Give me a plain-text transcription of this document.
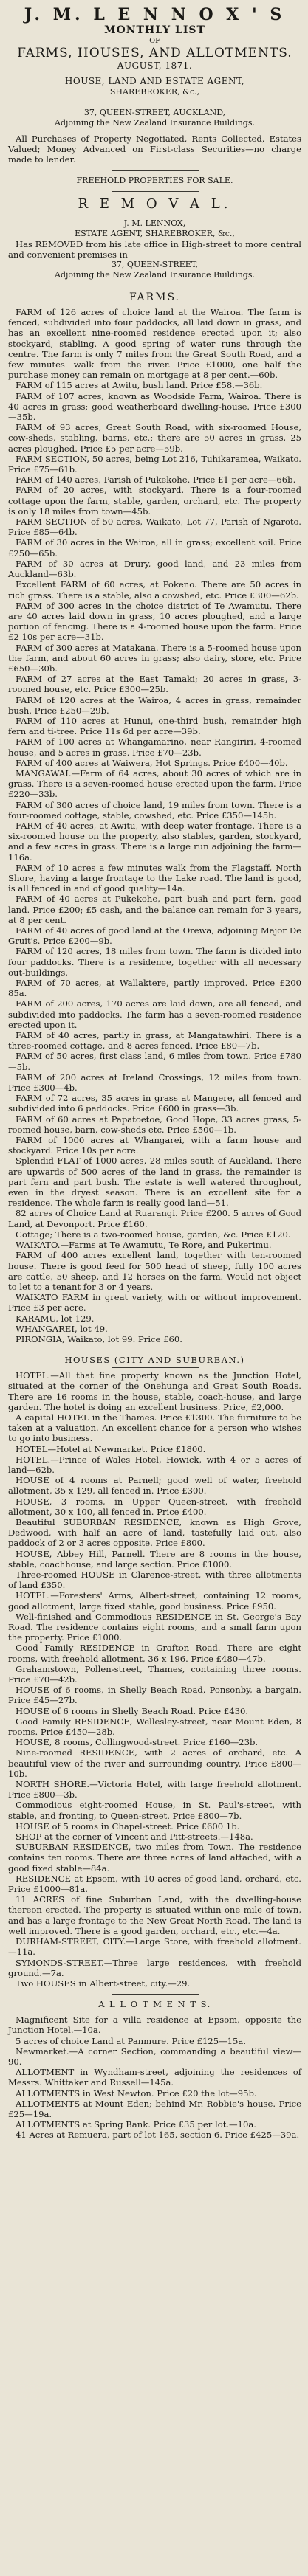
J. M. L E N N O X ' S
MONTHLY LIST
OF
FARMS, HOUSES, AND ALLOTMENTS.
AUGUST, 1871.
HOUSE, LAND AND ESTATE AGENT,
SHAREBROKER, &c.,
37, QUEEN-STREET, AUCKLAND,
Adjoining the New Zealand Insurance Buildings.

All Purchases of Property Negotiated, Rents Collected, Estates Valued; Money Advanced on First-class Securities—no charge made to lender.

FREEHOLD PROPERTIES FOR SALE.
R E M O V A L.
J. M. LENNOX,
ESTATE AGENT, SHAREBROKER, &c.,

Has REMOVED from his late office in High-street to more central and convenient premises in

37, QUEEN-STREET,
Adjoining the New Zealand Insurance Buildings.
FARMS.

FARM of 126 acres of choice land at the Wairoa. The farm is fenced, subdivided into four paddocks, all laid down in grass, and has an excellent nine-roomed residence erected upon it; also stockyard, stabling. A good spring of water runs through the centre. The farm is only 7 miles from the Great South Road, and a few minutes' walk from the river. Price £1000, one half the purchase money can remain on mortgage at 8 per cent.—60b.

FARM of 115 acres at Awitu, bush land. Price £58.—36b.

FARM of 107 acres, known as Woodside Farm, Wairoa. There is 40 acres in grass; good weatherboard dwelling-house. Price £300—35b.

FARM of 93 acres, Great South Road, with six-roomed House, cow-sheds, stabling, barns, etc.; there are 50 acres in grass, 25 acres ploughed. Price £5 per acre—59b.

FARM SECTION, 50 acres, being Lot 216, Tuhikaramea, Waikato. Price £75—61b.

FARM of 140 acres, Parish of Pukekohe. Price £1 per acre—66b.

FARM of 20 acres, with stockyard. There is a four-roomed cottage upon the farm, stable, garden, orchard, etc. The property is only 18 miles from town—45b.

FARM SECTION of 50 acres, Waikato, Lot 77, Parish of Ngaroto. Price £85—64b.

FARM of 30 acres in the Wairoa, all in grass; excellent soil. Price £250—65b.

FARM of 30 acres at Drury, good land, and 23 miles from Auckland—63b.

Excellent FARM of 60 acres, at Pokeno. There are 50 acres in rich grass. There is a stable, also a cowshed, etc. Price £300—62b.

FARM of 300 acres in the choice district of Te Awamutu. There are 40 acres laid down in grass, 10 acres ploughed, and a large portion of fencing. There is a 4-roomed house upon the farm. Price £2 10s per acre—31b.

FARM of 300 acres at Matakana. There is a 5-roomed house upon the farm, and about 60 acres in grass; also dairy, store, etc. Price £650—30b.

FARM of 27 acres at the East Tamaki; 20 acres in grass, 3-roomed house, etc. Price £300—25b.

FARM of 120 acres at the Wairoa, 4 acres in grass, remainder bush. Price £250—29b.

FARM of 110 acres at Hunui, one-third bush, remainder high fern and ti-tree. Price 11s 6d per acre—39b.

FARM of 100 acres at Whangamarino, near Rangiriri, 4-roomed house, and 5 acres in grass. Price £70—23b.

FARM of 400 acres at Waiwera, Hot Springs. Price £400—40b.

MANGAWAI.—Farm of 64 acres, about 30 acres of which are in grass. There is a seven-roomed house erected upon the farm. Price £220—33b.

FARM of 300 acres of choice land, 19 miles from town. There is a four-roomed cottage, stable, cowshed, etc. Price £350—145b.

FARM of 40 acres, at Awitu, with deep water frontage. There is a six-roomed house on the property, also stables, garden, stockyard, and a few acres in grass. There is a large run adjoining the farm—116a.

FARM of 10 acres a few minutes walk from the Flagstaff, North Shore, having a large frontage to the Lake road. The land is good, is all fenced in and of good quality—14a.

FARM of 40 acres at Pukekohe, part bush and part fern, good land. Price £200; £5 cash, and the balance can remain for 3 years, at 8 per cent.

FARM of 40 acres of good land at the Orewa, adjoining Major De Gruit's. Price £200—9b.

FARM of 120 acres, 18 miles from town. The farm is divided into four paddocks. There is a residence, together with all necessary out-buildings.

FARM of 70 acres, at Wallaktere, partly improved. Price £200 85a.

FARM of 200 acres, 170 acres are laid down, are all fenced, and subdivided into paddocks. The farm has a seven-roomed residence erected upon it.

FARM of 40 acres, partly in grass, at Mangatawhiri. There is a three-roomed cottage, and 8 acres fenced. Price £80—7b.

FARM of 50 acres, first class land, 6 miles from town. Price £780—5b.

FARM of 200 acres at Ireland Crossings, 12 miles from town. Price £300—4b.

FARM of 72 acres, 35 acres in grass at Mangere, all fenced and subdivided into 6 paddocks. Price £600 in grass—3b.

FARM of 60 acres at Papatoetoe, Good Hope, 33 acres grass, 5-roomed house, barn, cow-sheds etc. Price £500—1b.

FARM of 1000 acres at Whangarei, with a farm house and stockyard. Price 10s per acre.

Splendid FLAT of 1000 acres, 28 miles south of Auckland. There are upwards of 500 acres of the land in grass, the remainder is part fern and part bush. The estate is well watered throughout, even in the dryest season. There is an excellent site for a residence. The whole farm is really good land—51.

82 acres of Choice Land at Ruarangi. Price £200. 5 acres of Good Land, at Devonport. Price £160.

Cottage; There is a two-roomed house, garden, &c. Price £120.

WAIKATO.—Farms at Te Awamutu, Te Rore, and Pukerimu.

FARM of 400 acres excellent land, together with ten-roomed house. There is good feed for 500 head of sheep, fully 100 acres are cattle, 50 sheep, and 12 horses on the farm. Would not object to let to a tenant for 3 or 4 years.

WAIKATO FARM in great variety, with or without improvement. Price £3 per acre.

KARAMU, lot 129.

WHANGAREI, lot 49.

PIRONGIA, Waikato, lot 99. Price £60.

HOUSES (CITY AND SUBURBAN.)

HOTEL.—All that fine property known as the Junction Hotel, situated at the corner of the Onehunga and Great South Roads. There are 16 rooms in the house, stable, coach-house, and large garden. The hotel is doing an excellent business. Price, £2,000.

A capital HOTEL in the Thames. Price £1300. The furniture to be taken at a valuation. An excellent chance for a person who wishes to go into business.

HOTEL—Hotel at Newmarket. Price £1800.

HOTEL.—Prince of Wales Hotel, Howick, with 4 or 5 acres of land—62b.

HOUSE of 4 rooms at Parnell; good well of water, freehold allotment, 35 x 129, all fenced in. Price £300.

HOUSE, 3 rooms, in Upper Queen-street, with freehold allotment, 30 x 100, all fenced in. Price £400.

Beautiful SUBURBAN RESIDENCE, known as High Grove, Dedwood, with half an acre of land, tastefully laid out, also paddock of 2 or 3 acres opposite. Price £800.

HOUSE, Abbey Hill, Parnell. There are 8 rooms in the house, stable, coachhouse, and large section. Price £1000.

Three-roomed HOUSE in Clarence-street, with three allotments of land £350.

HOTEL.—Foresters' Arms, Albert-street, containing 12 rooms, good allotment, large fixed stable, good business. Price £950.

Well-finished and Commodious RESIDENCE in St. George's Bay Road. The residence contains eight rooms, and a small farm upon the property. Price £1000.

Good Family RESIDENCE in Grafton Road. There are eight rooms, with freehold allotment, 36 x 196. Price £480—47b.

Grahamstown, Pollen-street, Thames, containing three rooms. Price £70—42b.

HOUSE of 6 rooms, in Shelly Beach Road, Ponsonby, a bargain. Price £45—27b.

HOUSE of 6 rooms in Shelly Beach Road. Price £430.

Good Family RESIDENCE, Wellesley-street, near Mount Eden, 8 rooms. Price £450—28b.

HOUSE, 8 rooms, Collingwood-street. Price £160—23b.

Nine-roomed RESIDENCE, with 2 acres of orchard, etc. A beautiful view of the river and surrounding country. Price £800—10b.

NORTH SHORE.—Victoria Hotel, with large freehold allotment. Price £800—3b.

Commodious eight-roomed House, in St. Paul's-street, with stable, and fronting, to Queen-street. Price £800—7b.

HOUSE of 5 rooms in Chapel-street. Price £600 1b.

SHOP at the corner of Vincent and Pitt-streets.—148a.

SUBURBAN RESIDENCE, two miles from Town. The residence contains ten rooms. There are three acres of land attached, with a good fixed stable—84a.

RESIDENCE at Epsom, with 10 acres of good land, orchard, etc. Price £1000—81a.

11 ACRES of fine Suburban Land, with the dwelling-house thereon erected. The property is situated within one mile of town, and has a large frontage to the New Great North Road. The land is well improved. There is a good garden, orchard, etc., etc.—4a.

DURHAM-STREET, CITY.—Large Store, with freehold allotment.—11a.

SYMONDS-STREET.—Three large residences, with freehold ground.—7a.

Two HOUSES in Albert-street, city.—29.

A L L O T M E N T S.

Magnificent Site for a villa residence at Epsom, opposite the Junction Hotel.—10a.

5 acres of choice Land at Panmure. Price £125—15a.

Newmarket.—A corner Section, commanding a beautiful view—90.

ALLOTMENT in Wyndham-street, adjoining the residences of Messrs. Whittaker and Russell—145a.

ALLOTMENTS in West Newton. Price £20 the lot—95b.

ALLOTMENTS at Mount Eden; behind Mr. Robbie's house. Price £25—19a.

ALLOTMENTS at Spring Bank. Price £35 per lot.—10a.

41 Acres at Remuera, part of lot 165, section 6. Price £425—39a.
